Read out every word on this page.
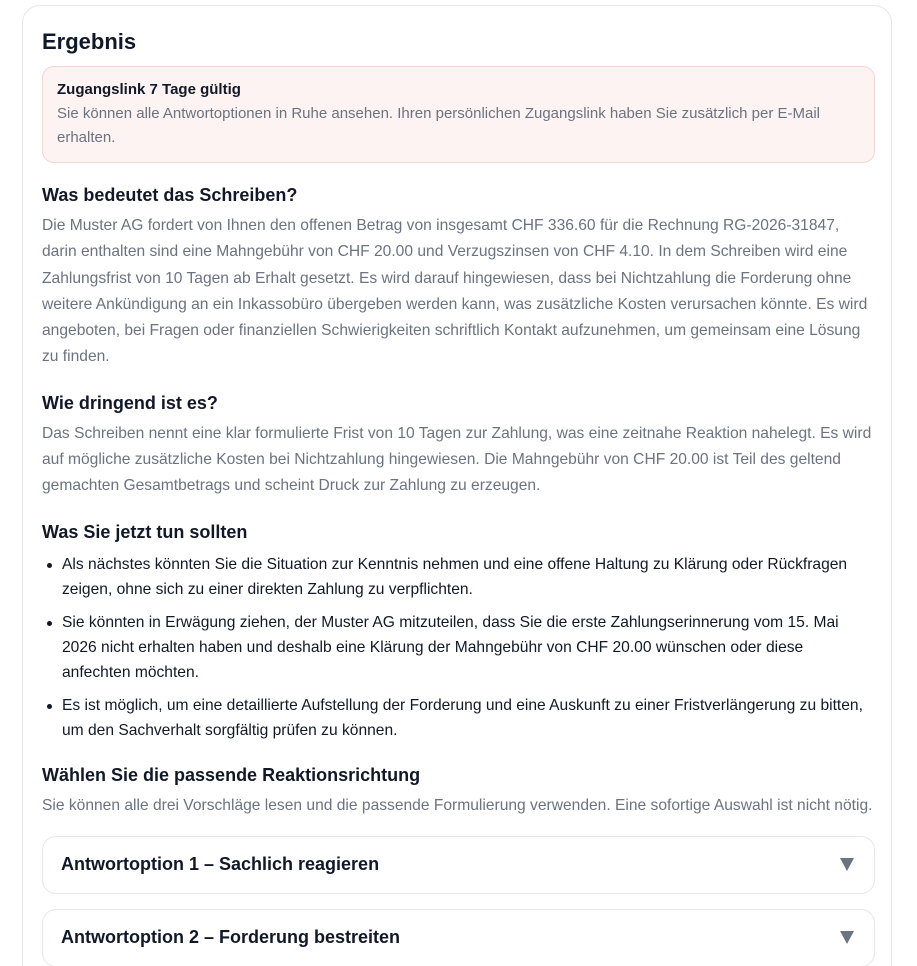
Ergebnis
Zugangslink 7 Tage gültig
Sie können alle Antwortoptionen in Ruhe ansehen. Ihren persönlichen Zugangslink haben Sie zusätzlich per E-Mail erhalten.
Was bedeutet das Schreiben?

Die Muster AG fordert von Ihnen den offenen Betrag von insgesamt CHF 336.60 für die Rechnung RG-2026-31847, darin enthalten sind eine Mahngebühr von CHF 20.00 und Verzugszinsen von CHF 4.10. In dem Schreiben wird eine Zahlungsfrist von 10 Tagen ab Erhalt gesetzt. Es wird darauf hingewiesen, dass bei Nichtzahlung die Forderung ohne weitere Ankündigung an ein Inkassobüro übergeben werden kann, was zusätzliche Kosten verursachen könnte. Es wird angeboten, bei Fragen oder finanziellen Schwierigkeiten schriftlich Kontakt aufzunehmen, um gemeinsam eine Lösung zu finden.

Wie dringend ist es?

Das Schreiben nennt eine klar formulierte Frist von 10 Tagen zur Zahlung, was eine zeitnahe Reaktion nahelegt. Es wird auf mögliche zusätzliche Kosten bei Nichtzahlung hingewiesen. Die Mahngebühr von CHF 20.00 ist Teil des geltend gemachten Gesamtbetrags und scheint Druck zur Zahlung zu erzeugen.

Was Sie jetzt tun sollten
Als nächstes könnten Sie die Situation zur Kenntnis nehmen und eine offene Haltung zu Klärung oder Rückfragen zeigen, ohne sich zu einer direkten Zahlung zu verpflichten.
Sie könnten in Erwägung ziehen, der Muster AG mitzuteilen, dass Sie die erste Zahlungserinnerung vom 15. Mai 2026 nicht erhalten haben und deshalb eine Klärung der Mahngebühr von CHF 20.00 wünschen oder diese anfechten möchten.
Es ist möglich, um eine detaillierte Aufstellung der Forderung und eine Auskunft zu einer Fristverlängerung zu bitten, um den Sachverhalt sorgfältig prüfen zu können.
Wählen Sie die passende Reaktionsrichtung

Sie können alle drei Vorschläge lesen und die passende Formulierung verwenden. Eine sofortige Auswahl ist nicht nötig.

Antwortoption 1 – Sachlich reagieren
Antwortoption 2 – Forderung bestreiten
